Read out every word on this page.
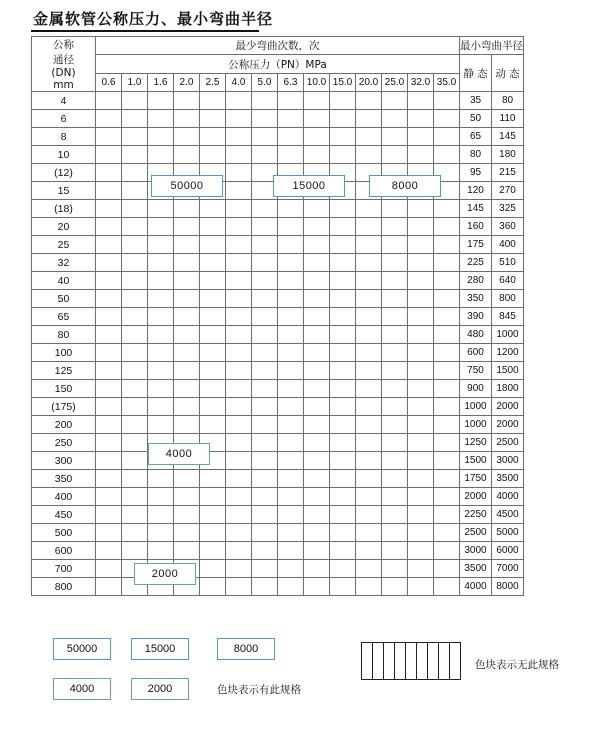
金属软管公称压力、最小弯曲半径
公称
通径
(DN)
mm	最少弯曲次数，次														最小弯曲半径	
	公称压力（PN）MPa														静 态	动 态
	0.6	1.0	1.6	2.0	2.5	4.0	5.0	6.3	10.0	15.0	20.0	25.0	32.0	35.0		
4															35	80
6															50	110
8															65	145
10															80	180
(12)															95	215
15															120	270
(18)															145	325
20															160	360
25															175	400
32															225	510
40															280	640
50															350	800
65															390	845
80															480	1000
100															600	1200
125															750	1500
150															900	1800
(175)															1000	2000
200															1000	2000
250															1250	2500
300															1500	3000
350															1750	3500
400															2000	4000
450															2250	4500
500															2500	5000
600															3000	6000
700															3500	7000
800															4000	8000
50000	15000	8000
4000
2000
50000	15000	8000
4000	2000	色块表示有此规格
色块表示无此规格
